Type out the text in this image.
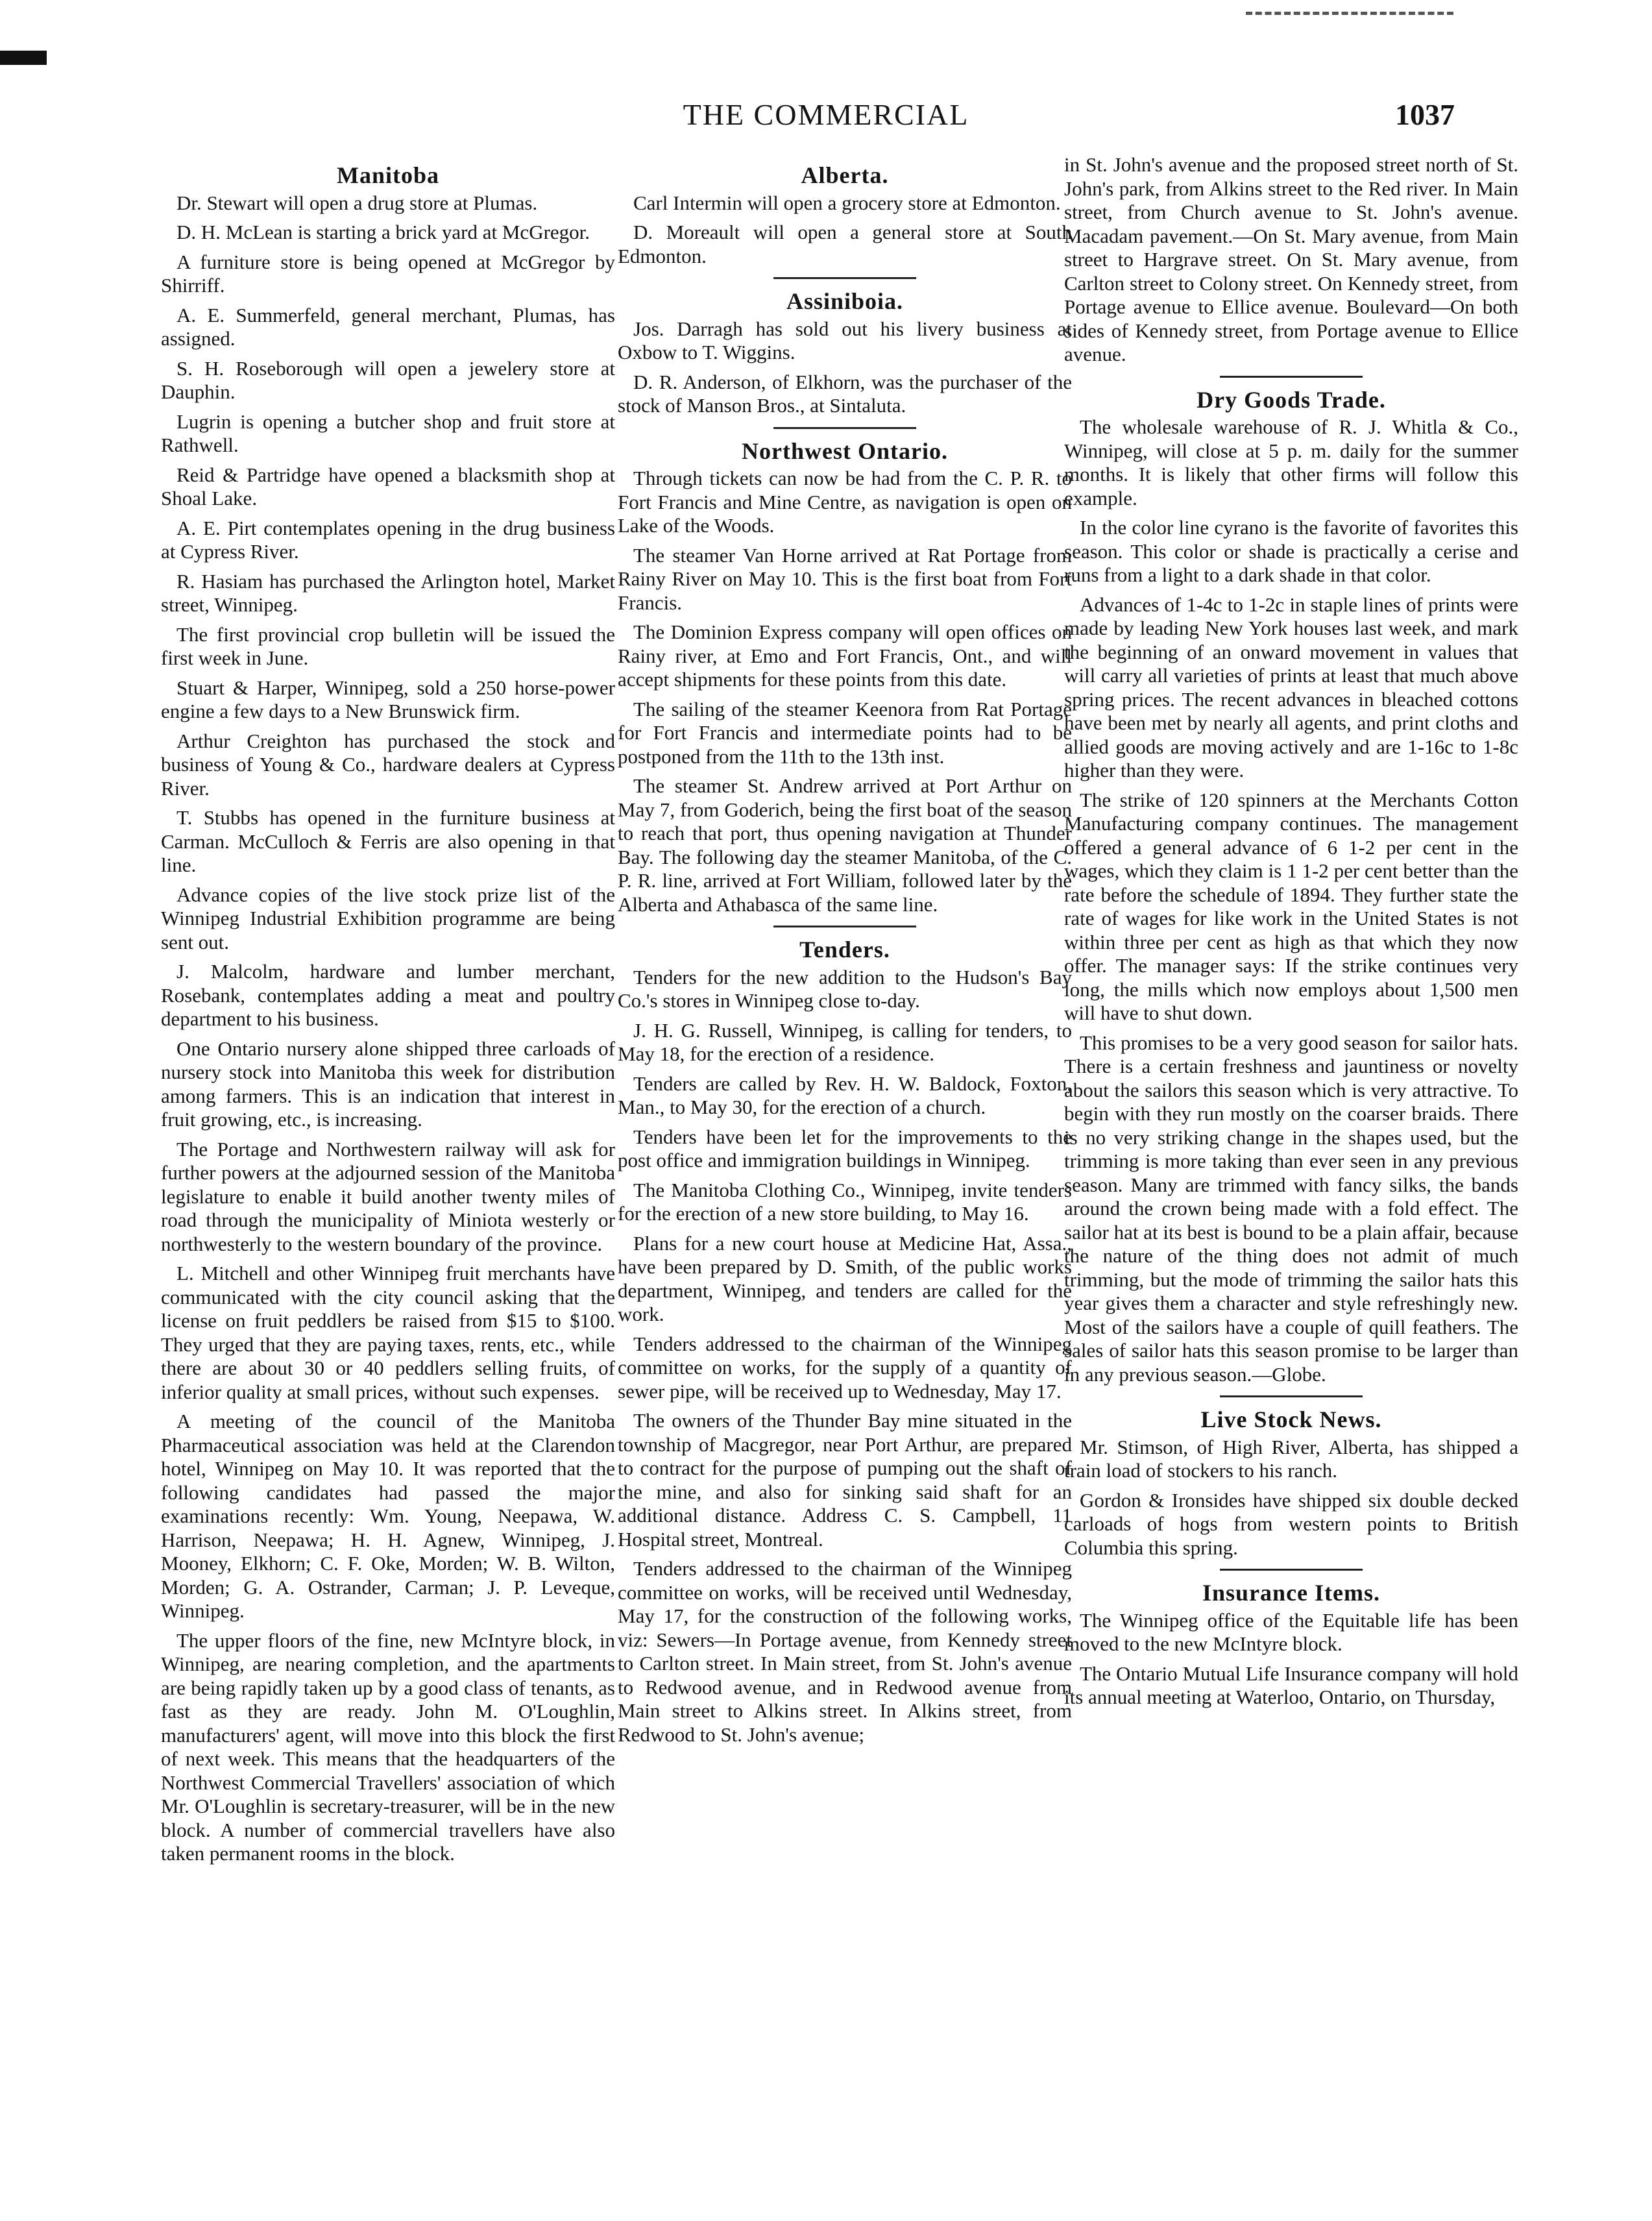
THE COMMERCIAL	1037
Manitoba

Dr. Stewart will open a drug store at Plumas.

D. H. McLean is starting a brick yard at McGregor.

A furniture store is being opened at McGregor by Shirriff.

A. E. Summerfeld, general merchant, Plumas, has assigned.

S. H. Roseborough will open a jewelery store at Dauphin.

Lugrin is opening a butcher shop and fruit store at Rathwell.

Reid & Partridge have opened a blacksmith shop at Shoal Lake.

A. E. Pirt contemplates opening in the drug business at Cypress River.

R. Hasiam has purchased the Arlington hotel, Market street, Winnipeg.

The first provincial crop bulletin will be issued the first week in June.

Stuart & Harper, Winnipeg, sold a 250 horse-power engine a few days to a New Brunswick firm.

Arthur Creighton has purchased the stock and business of Young & Co., hardware dealers at Cypress River.

T. Stubbs has opened in the furniture business at Carman. McCulloch & Ferris are also opening in that line.

Advance copies of the live stock prize list of the Winnipeg Industrial Exhibition programme are being sent out.

J. Malcolm, hardware and lumber merchant, Rosebank, contemplates adding a meat and poultry department to his business.

One Ontario nursery alone shipped three carloads of nursery stock into Manitoba this week for distribution among farmers. This is an indication that interest in fruit growing, etc., is increasing.

The Portage and Northwestern railway will ask for further powers at the adjourned session of the Manitoba legislature to enable it build another twenty miles of road through the municipality of Miniota westerly or northwesterly to the western boundary of the province.

L. Mitchell and other Winnipeg fruit merchants have communicated with the city council asking that the license on fruit peddlers be raised from $15 to $100. They urged that they are paying taxes, rents, etc., while there are about 30 or 40 peddlers selling fruits, of inferior quality at small prices, without such expenses.

A meeting of the council of the Manitoba Pharmaceutical association was held at the Clarendon hotel, Winnipeg on May 10. It was reported that the following candidates had passed the major examinations recently: Wm. Young, Neepawa, W. Harrison, Neepawa; H. H. Agnew, Winnipeg, J. Mooney, Elkhorn; C. F. Oke, Morden; W. B. Wilton, Morden; G. A. Ostrander, Carman; J. P. Leveque, Winnipeg.

The upper floors of the fine, new McIntyre block, in Winnipeg, are nearing completion, and the apartments are being rapidly taken up by a good class of tenants, as fast as they are ready. John M. O'Loughlin, manufacturers' agent, will move into this block the first of next week. This means that the headquarters of the Northwest Commercial Travellers' association of which Mr. O'Loughlin is secretary-treasurer, will be in the new block. A number of commercial travellers have also taken permanent rooms in the block.

Alberta.

Carl Intermin will open a grocery store at Edmonton.

D. Moreault will open a general store at South Edmonton.

Assiniboia.

Jos. Darragh has sold out his livery business at Oxbow to T. Wiggins.

D. R. Anderson, of Elkhorn, was the purchaser of the stock of Manson Bros., at Sintaluta.

Northwest Ontario.

Through tickets can now be had from the C. P. R. to Fort Francis and Mine Centre, as navigation is open on Lake of the Woods.

The steamer Van Horne arrived at Rat Portage from Rainy River on May 10. This is the first boat from Fort Francis.

The Dominion Express company will open offices on Rainy river, at Emo and Fort Francis, Ont., and will accept shipments for these points from this date.

The sailing of the steamer Keenora from Rat Portage for Fort Francis and intermediate points had to be postponed from the 11th to the 13th inst.

The steamer St. Andrew arrived at Port Arthur on May 7, from Goderich, being the first boat of the season to reach that port, thus opening navigation at Thunder Bay. The following day the steamer Manitoba, of the C. P. R. line, arrived at Fort William, followed later by the Alberta and Athabasca of the same line.

Tenders.

Tenders for the new addition to the Hudson's Bay Co.'s stores in Winnipeg close to-day.

J. H. G. Russell, Winnipeg, is calling for tenders, to May 18, for the erection of a residence.

Tenders are called by Rev. H. W. Baldock, Foxton, Man., to May 30, for the erection of a church.

Tenders have been let for the improvements to the post office and immigration buildings in Winnipeg.

The Manitoba Clothing Co., Winnipeg, invite tenders for the erection of a new store building, to May 16.

Plans for a new court house at Medicine Hat, Assa., have been prepared by D. Smith, of the public works department, Winnipeg, and tenders are called for the work.

Tenders addressed to the chairman of the Winnipeg committee on works, for the supply of a quantity of sewer pipe, will be received up to Wednesday, May 17.

The owners of the Thunder Bay mine situated in the township of Macgregor, near Port Arthur, are prepared to contract for the purpose of pumping out the shaft of the mine, and also for sinking said shaft for an additional distance. Address C. S. Campbell, 11 Hospital street, Montreal.

Tenders addressed to the chairman of the Winnipeg committee on works, will be received until Wednesday, May 17, for the construction of the following works, viz: Sewers—In Portage avenue, from Kennedy street to Carlton street. In Main street, from St. John's avenue to Redwood avenue, and in Redwood avenue from Main street to Alkins street. In Alkins street, from Redwood to St. John's avenue;

in St. John's avenue and the proposed street north of St. John's park, from Alkins street to the Red river. In Main street, from Church avenue to St. John's avenue. Macadam pavement.—On St. Mary avenue, from Main street to Hargrave street. On St. Mary avenue, from Carlton street to Colony street. On Kennedy street, from Portage avenue to Ellice avenue. Boulevard—On both sides of Kennedy street, from Portage avenue to Ellice avenue.

Dry Goods Trade.

The wholesale warehouse of R. J. Whitla & Co., Winnipeg, will close at 5 p. m. daily for the summer months. It is likely that other firms will follow this example.

In the color line cyrano is the favorite of favorites this season. This color or shade is practically a cerise and runs from a light to a dark shade in that color.

Advances of 1-4c to 1-2c in staple lines of prints were made by leading New York houses last week, and mark the beginning of an onward movement in values that will carry all varieties of prints at least that much above spring prices. The recent advances in bleached cottons have been met by nearly all agents, and print cloths and allied goods are moving actively and are 1-16c to 1-8c higher than they were.

The strike of 120 spinners at the Merchants Cotton Manufacturing company continues. The management offered a general advance of 6 1-2 per cent in the wages, which they claim is 1 1-2 per cent better than the rate before the schedule of 1894. They further state the rate of wages for like work in the United States is not within three per cent as high as that which they now offer. The manager says: If the strike continues very long, the mills which now employs about 1,500 men will have to shut down.

This promises to be a very good season for sailor hats. There is a certain freshness and jauntiness or novelty about the sailors this season which is very attractive. To begin with they run mostly on the coarser braids. There is no very striking change in the shapes used, but the trimming is more taking than ever seen in any previous season. Many are trimmed with fancy silks, the bands around the crown being made with a fold effect. The sailor hat at its best is bound to be a plain affair, because the nature of the thing does not admit of much trimming, but the mode of trimming the sailor hats this year gives them a character and style refreshingly new. Most of the sailors have a couple of quill feathers. The sales of sailor hats this season promise to be larger than in any previous season.—Globe.

Live Stock News.

Mr. Stimson, of High River, Alberta, has shipped a train load of stockers to his ranch.

Gordon & Ironsides have shipped six double decked carloads of hogs from western points to British Columbia this spring.

Insurance Items.

The Winnipeg office of the Equitable life has been moved to the new McIntyre block.

The Ontario Mutual Life Insurance company will hold its annual meeting at Waterloo, Ontario, on Thursday,
